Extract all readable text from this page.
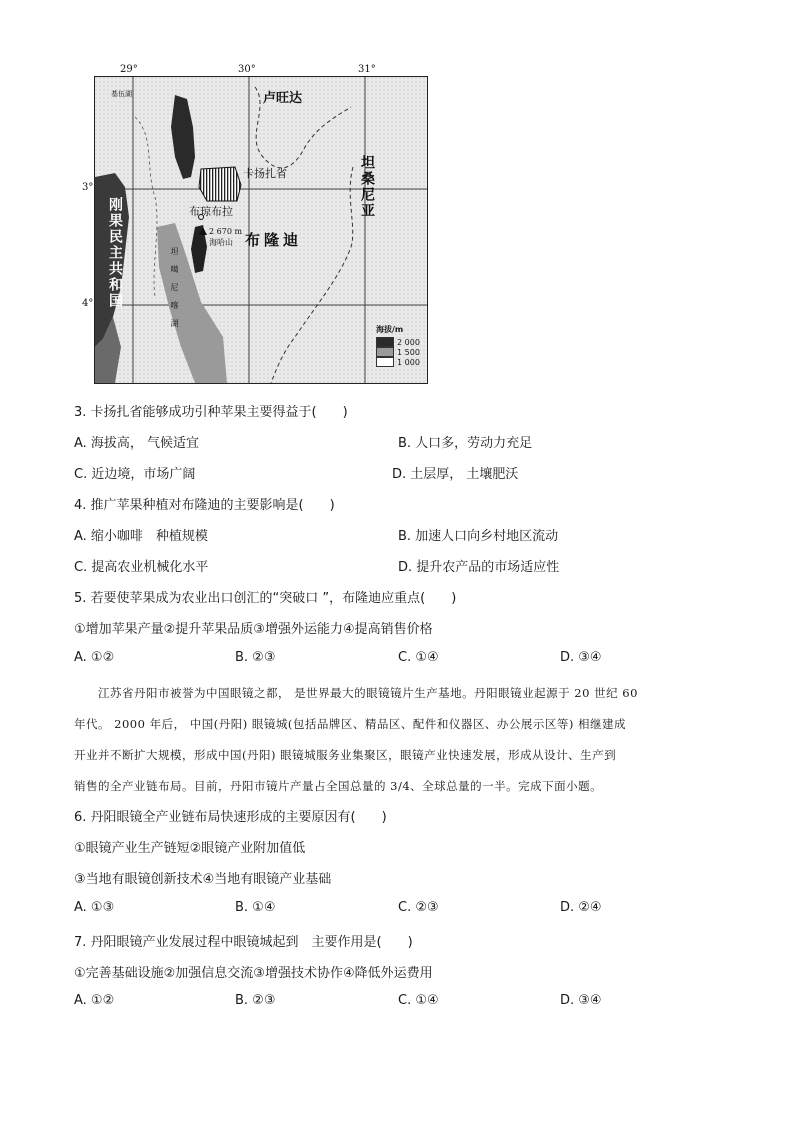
29°	30°	31°
3°
4°
基伍湖	卢旺达
卡扬扎省	坦桑尼亚
刚果民主共和国	布琼布拉
2 670 m
海哈山 布隆迪
坦噶尼喀湖	海拔/m
2 000
1 500
1 000
3. 卡扬扎省能够成功引种苹果主要得益于(　　)
A. 海拔高， 气候适宜	B. 人口多，劳动力充足
C. 近边境，市场广阔	D. 土层厚， 土壤肥沃
4. 推广苹果种植对布隆迪的主要影响是(　　)
A. 缩小咖啡　种植规模	B. 加速人口向乡村地区流动
C. 提高农业机械化水平	D. 提升农产品的市场适应性
5. 若要使苹果成为农业出口创汇的“突破口 ”，布隆迪应重点(　　)
①增加苹果产量②提升苹果品质③增强外运能力④提高销售价格
A. ①②	B. ②③	C. ①④	D. ③④

　　江苏省丹阳市被誉为中国眼镜之都， 是世界最大的眼镜镜片生产基地。丹阳眼镜业起源于 20 世纪 60

年代。 2000 年后， 中国(丹阳) 眼镜城(包括品牌区、精品区、配件和仪器区、办公展示区等) 相继建成

开业并不断扩大规模，形成中国(丹阳) 眼镜城服务业集聚区，眼镜产业快速发展，形成从设计、生产到

销售的全产业链布局。目前，丹阳市镜片产量占全国总量的 3/4、全球总量的一半。完成下面小题。

6. 丹阳眼镜全产业链布局快速形成的主要原因有(　　)
①眼镜产业生产链短②眼镜产业附加值低
③当地有眼镜创新技术④当地有眼镜产业基础
A. ①③	B. ①④	C. ②③	D. ②④
7. 丹阳眼镜产业发展过程中眼镜城起到　主要作用是(　　)
①完善基础设施②加强信息交流③增强技术协作④降低外运费用
A. ①②	B. ②③	C. ①④	D. ③④
